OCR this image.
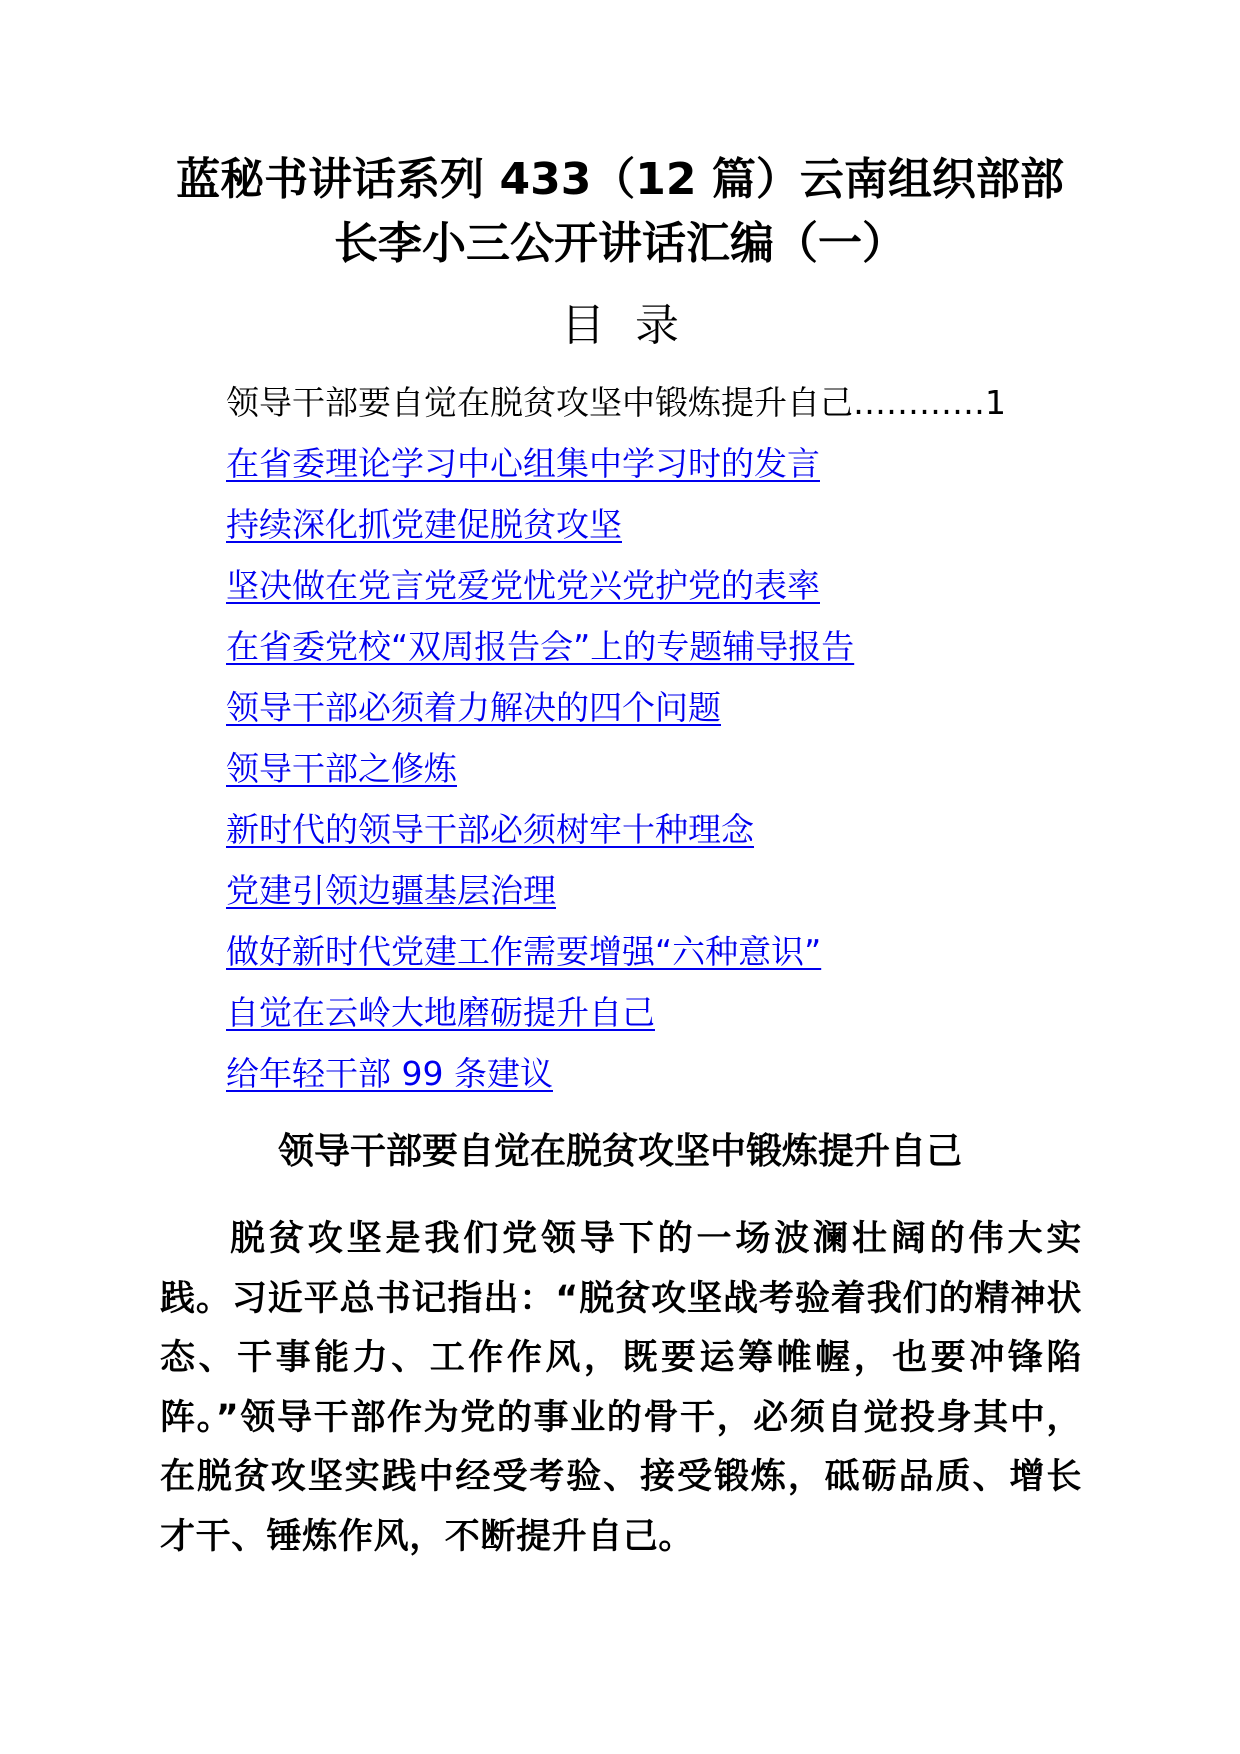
蓝秘书讲话系列 433（12 篇）云南组织部部
长李小三公开讲话汇编（一）
目录
领导干部要自觉在脱贫攻坚中锻炼提升自己…………1
在省委理论学习中心组集中学习时的发言
持续深化抓党建促脱贫攻坚
坚决做在党言党爱党忧党兴党护党的表率
在省委党校“双周报告会”上的专题辅导报告
领导干部必须着力解决的四个问题
领导干部之修炼
新时代的领导干部必须树牢十种理念
党建引领边疆基层治理
做好新时代党建工作需要增强“六种意识”
自觉在云岭大地磨砺提升自己
给年轻干部 99 条建议
领导干部要自觉在脱贫攻坚中锻炼提升自己

脱贫攻坚是我们党领导下的一场波澜壮阔的伟大实践。习近平总书记指出：“脱贫攻坚战考验着我们的精神状态、干事能力、工作作风，既要运筹帷幄，也要冲锋陷阵。”领导干部作为党的事业的骨干，必须自觉投身其中，在脱贫攻坚实践中经受考验、接受锻炼，砥砺品质、增长才干、锤炼作风，不断提升自己。
